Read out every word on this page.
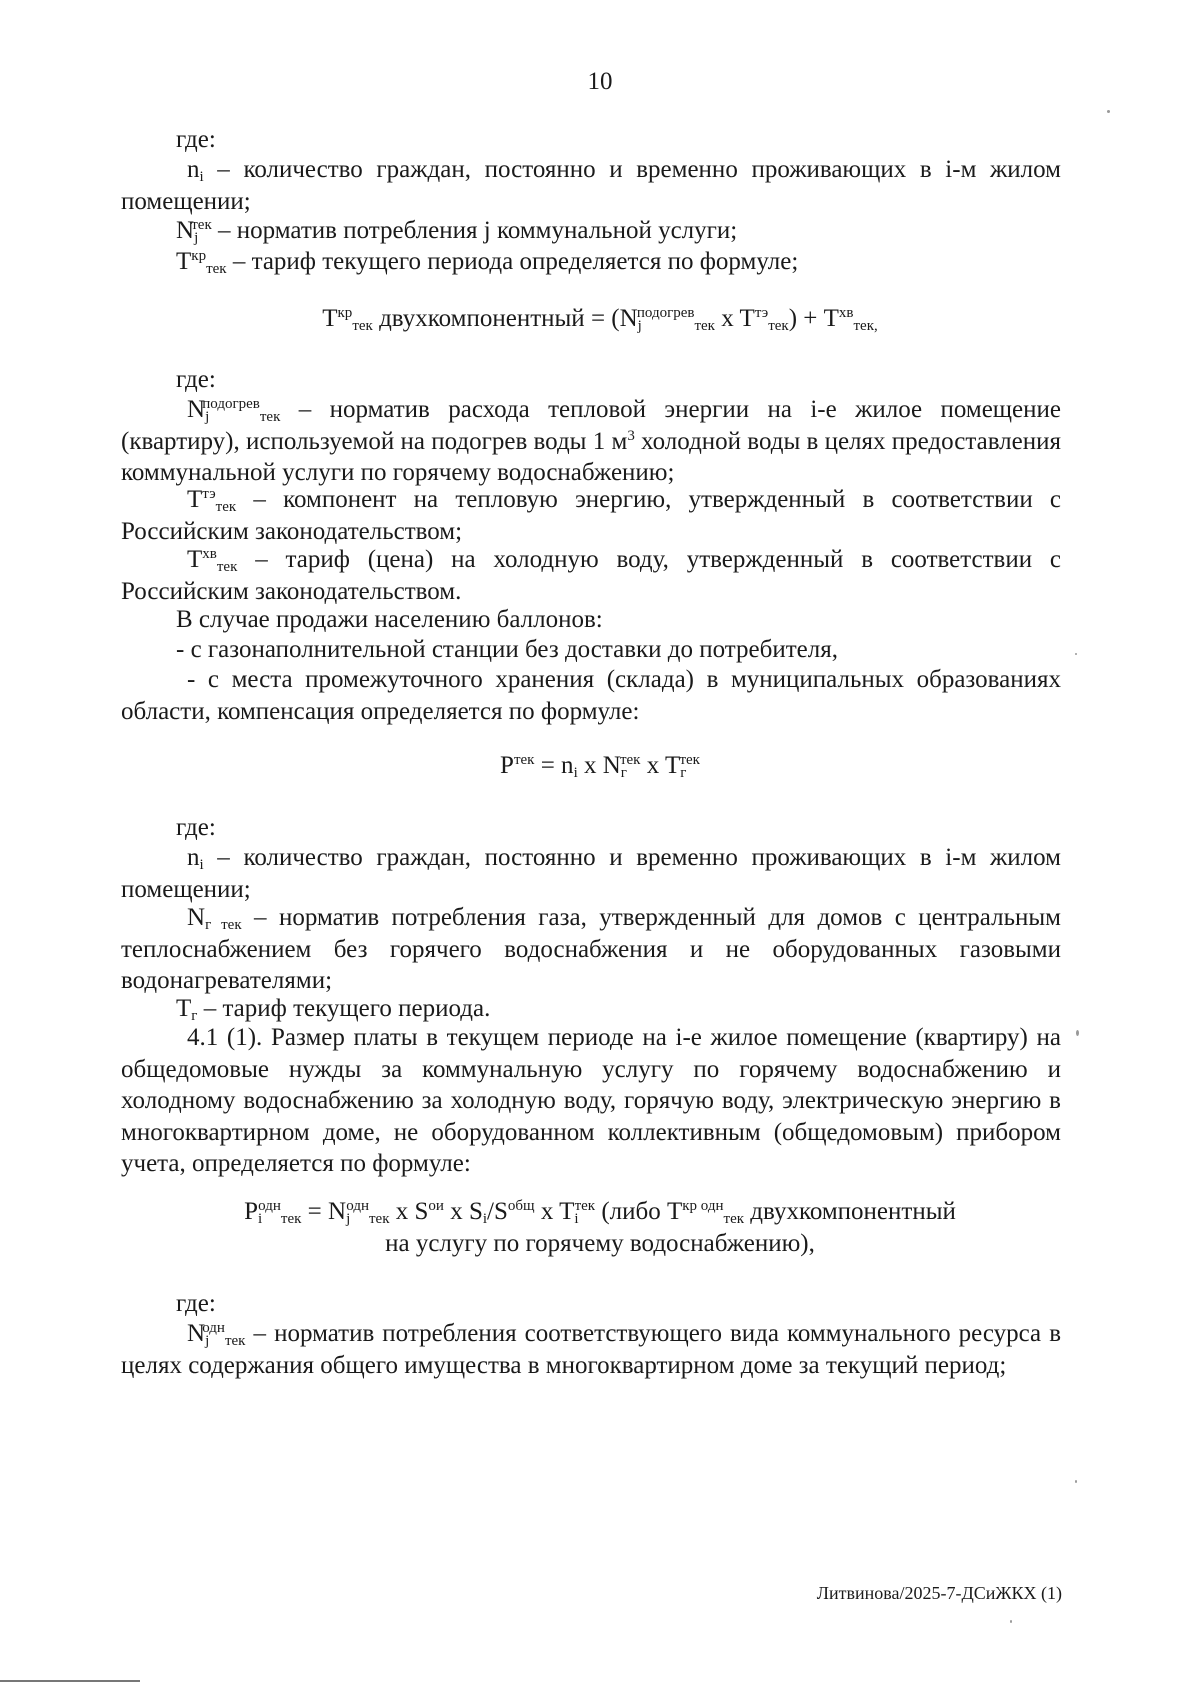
10
где:
$n_i$ – количество граждан, постоянно и временно проживающих в i-м жилом помещении;
$N_j^{тек}$ – норматив потребления j коммунальной услуги;
$T^{кр}_{тек}$ – тариф текущего периода определяется по формуле;
$T^{кр}_{тек}$ двухкомпонентный = ($N_j^{подогрев}_{тек}$ x $T^{тэ}_{тек}) + T^{хв}_{тек,}$
где:
$N_j^{подогрев}_{тек}$ – норматив расхода тепловой энергии на i-е жилое помещение (квартиру), используемой на подогрев воды 1 $м^3$ холодной воды в целях предоставления коммунальной услуги по горячему водоснабжению;
$T^{тэ}_{тек}$ – компонент на тепловую энергию, утвержденный в соответствии с Российским законодательством;
$T^{хв}_{тек}$ – тариф (цена) на холодную воду, утвержденный в соответствии с Российским законодательством.
В случае продажи населению баллонов:
- с газонаполнительной станции без доставки до потребителя,
- с места промежуточного хранения (склада) в муниципальных образованиях области, компенсация определяется по формуле:
$P^{тек} = n_i$ x $N_г^{тек}$ x $T_г^{тек}$
где:
$n_i$ – количество граждан, постоянно и временно проживающих в i-м жилом помещении;
$N_{г тек}$ – норматив потребления газа, утвержденный для домов с центральным теплоснабжением без горячего водоснабжения и не оборудованных газовыми водонагревателями;
$T_г$ – тариф текущего периода.
4.1 (1). Размер платы в текущем периоде на i-е жилое помещение (квартиру) на общедомовые нужды за коммунальную услугу по горячему водоснабжению и холодному водоснабжению за холодную воду, горячую воду, электрическую энергию в многоквартирном доме, не оборудованном коллективным (общедомовым) прибором учета, определяется по формуле:
$P_i^{одн}_{тек} = N_j^{одн}_{тек}$ x $S^{ои}$ x $S_i/S^{общ}$ x $T_i^{тек}$ (либо $T^{кр одн}_{тек}$ двухкомпонентный
на услугу по горячему водоснабжению),
где:
$N_j^{одн}_{тек}$ – норматив потребления соответствующего вида коммунального ресурса в целях содержания общего имущества в многоквартирном доме за текущий период;
Литвинова/2025-7-ДСиЖКХ (1)
